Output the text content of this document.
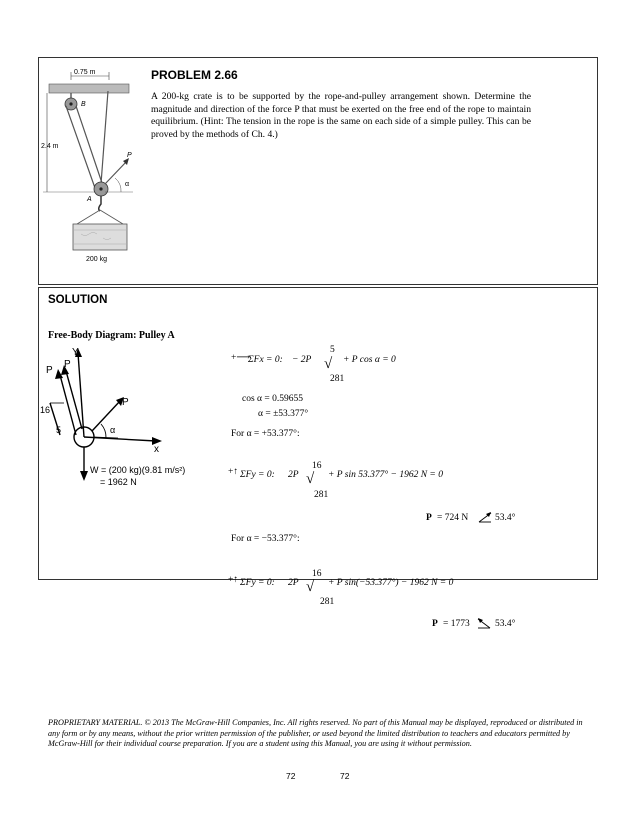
0.75 m
B
2.4 m
A
P
α
200 kg
PROBLEM 2.66
A 200-kg crate is to be supported by the rope-and-pulley arrangement shown. Determine the magnitude and direction of the force P that must be exerted on the free end of the rope to maintain equilibrium. (Hint: The tension in the rope is the same on each side of a simple pulley. This can be proved by the methods of Ch. 4.)
SOLUTION
Free-Body Diagram: Pulley A
Y
x
P
P
P
16
5	α
W = (200 kg)(9.81 m/s²)
= 1962 N
+⟶
ΣFx = 0: − 2P
5
√
281
+ P cos α = 0
cos α = 0.59655
α = ±53.377°
For α = +53.377°:
+↑ ΣFy = 0: 2P
16
√
281
+ P sin 53.377° − 1962 N = 0
P = 724 N	53.4°
For α = −53.377°:
+↑ ΣFy = 0: 2P
16
√
281
+ P sin(−53.377°) − 1962 N = 0
P = 1773	53.4°
PROPRIETARY MATERIAL. © 2013 The McGraw-Hill Companies, Inc. All rights reserved. No part of this Manual may be displayed, reproduced or distributed in any form or by any means, without the prior written permission of the publisher, or used beyond the limited distribution to teachers and educators permitted by McGraw-Hill for their individual course preparation. If you are a student using this Manual, you are using it without permission.
72	72
